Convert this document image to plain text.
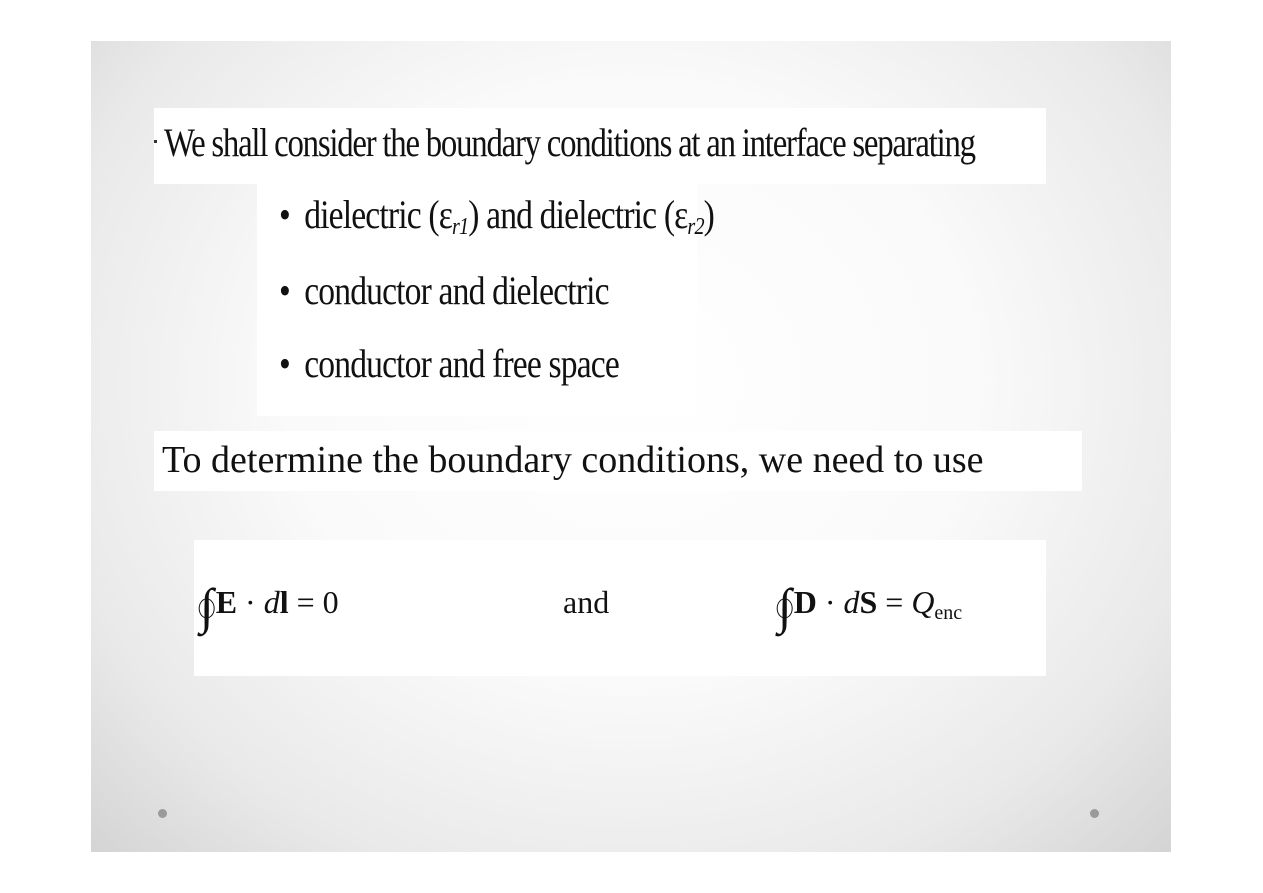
We shall consider the boundary conditions at an interface separating
• dielectric $(\varepsilon_{r1})$ and dielectric $(\varepsilon_{r2})$
• conductor and dielectric
• conductor and free space
To determine the boundary conditions, we need to use
∫
E · dl = 0	and	∫
D · dS = $Q_{enc}$
